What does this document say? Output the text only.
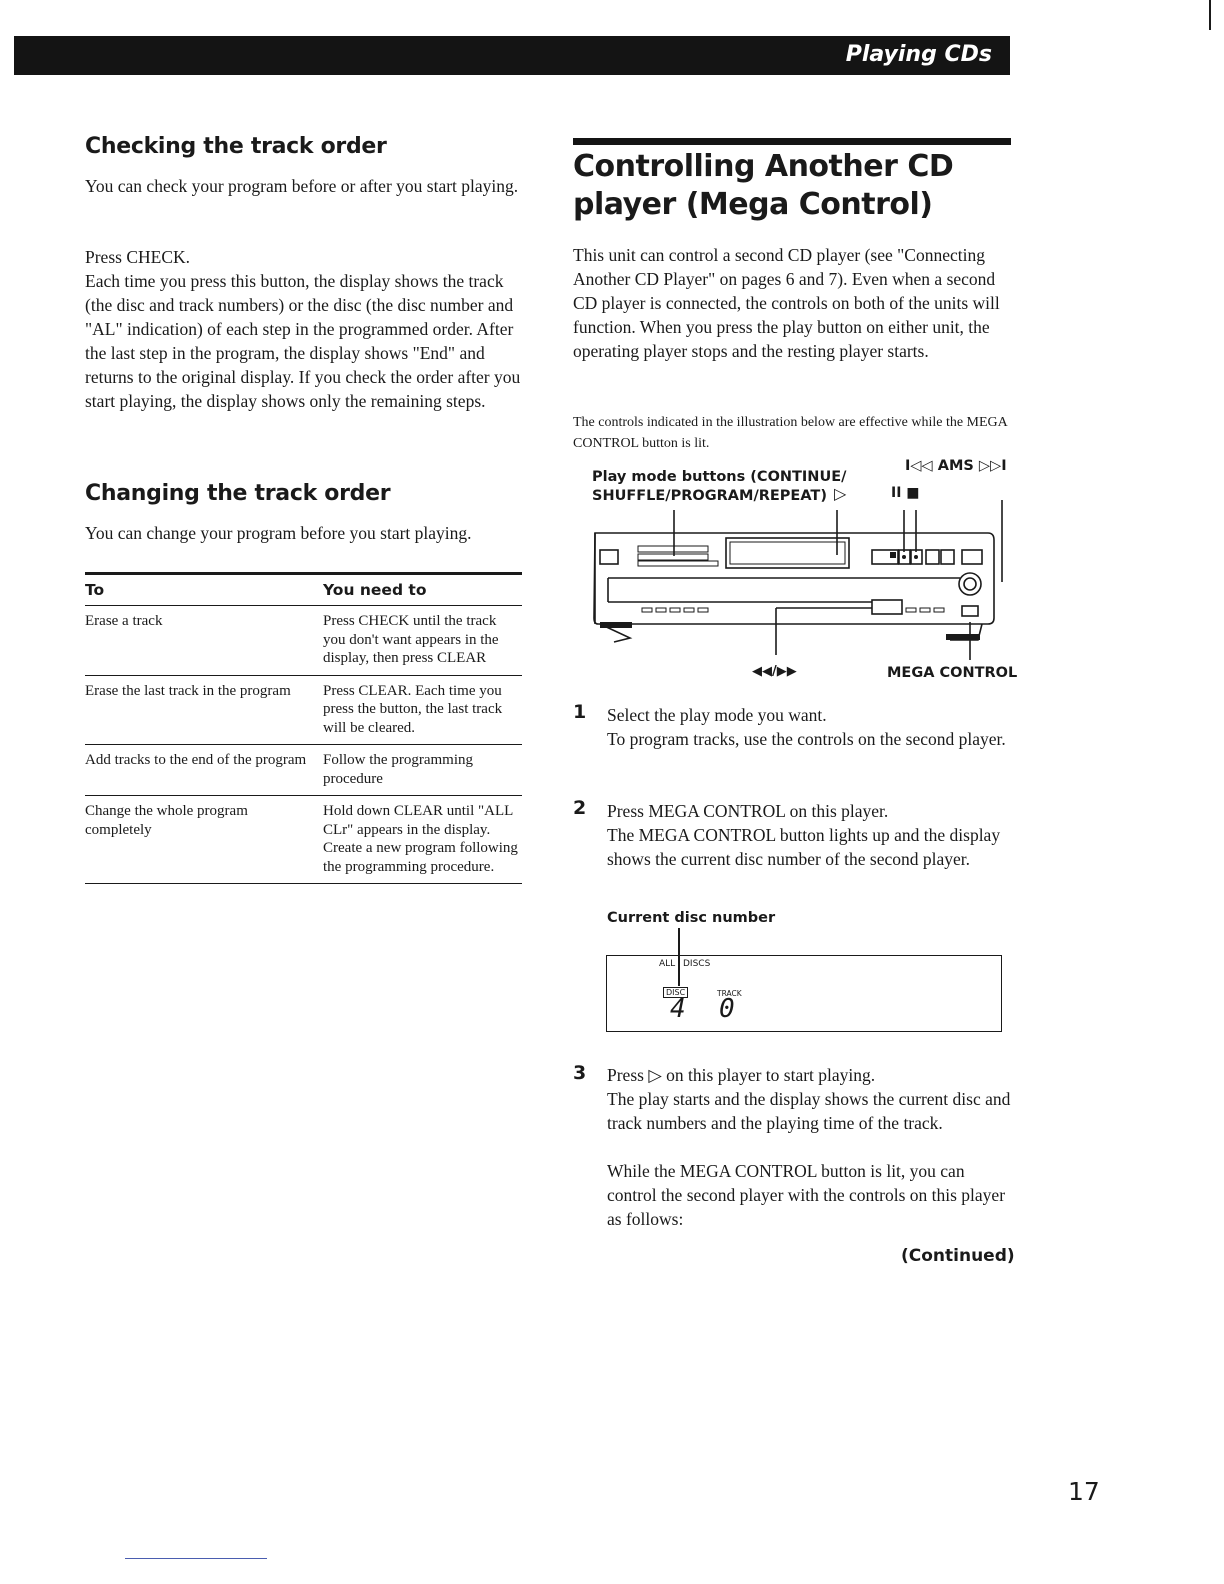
Playing CDs
Checking the track order

You can check your program before or after you start playing.

Press CHECK.

Each time you press this button, the display shows the track (the disc and track numbers) or the disc (the disc number and "AL" indication) of each step in the programmed order. After the last step in the program, the display shows "End" and returns to the original display. If you check the order after you start playing, the display shows only the remaining steps.

Changing the track order

You can change your program before you start playing.

To	You need to
Erase a track	Press CHECK until the track you don't want appears in the display, then press CLEAR
Erase the last track in the program	Press CLEAR. Each time you press the button, the last track will be cleared.
Add tracks to the end of the program	Follow the programming procedure
Change the whole program completely	Hold down CLEAR until "ALL CLr" appears in the display. Create a new program following the programming procedure.
Controlling Another CD player (Mega Control)

This unit can control a second CD player (see "Connecting Another CD Player" on pages 6 and 7). Even when a second CD player is connected, the controls on both of the units will function. When you press the play button on either unit, the operating player stops and the resting player starts.

The controls indicated in the illustration below are effective while the MEGA CONTROL button is lit.

Play mode buttons (CONTINUE/ SHUFFLE/PROGRAM/REPEAT) ▷	II ■
I◁◁ AMS ▷▷I
◀◀/▶▶	MEGA CONTROL
1 Select the play mode you want.

To program tracks, use the controls on the second player.

2 Press MEGA CONTROL on this player.

The MEGA CONTROL button lights up and the display shows the current disc number of the second player.

Current disc number
ALL DISCS
DISC	TRACK
4 0
3 Press ▷ on this player to start playing.

The play starts and the display shows the current disc and track numbers and the playing time of the track.

While the MEGA CONTROL button is lit, you can control the second player with the controls on this player as follows:

(Continued)
17
